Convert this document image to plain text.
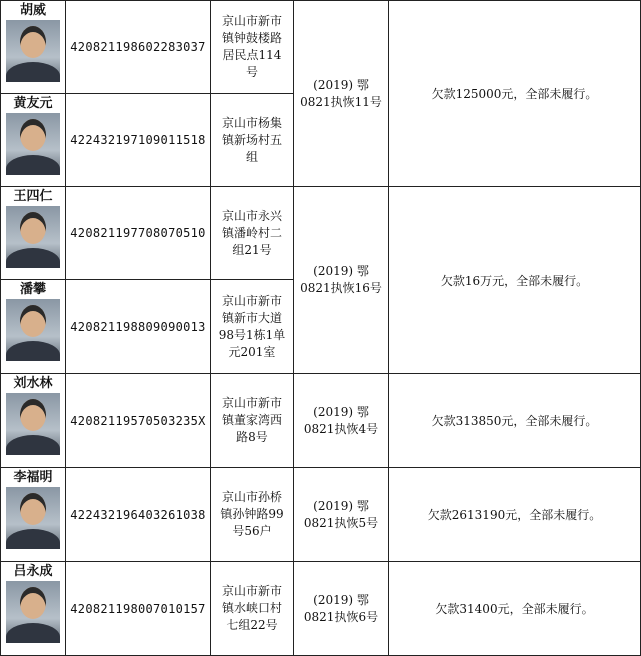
胡威
420821198602283037
京山市新市
镇钟鼓楼路
居民点114
号
黄友元
422432197109011518
京山市杨集
镇新场村五
组
(2019) 鄂
0821执恢11号
欠款125000元，全部未履行。
王四仁
420821197708070510
京山市永兴
镇潘岭村二
组21号
潘攀
420821198809090013
京山市新市
镇新市大道
98号1栋1单
元201室
(2019) 鄂
0821执恢16号
欠款16万元，全部未履行。
刘水林
42082119570503235X
京山市新市
镇董家湾西
路8号
(2019) 鄂
0821执恢4号
欠款313850元，全部未履行。
李福明
422432196403261038
京山市孙桥
镇孙钟路99
号56户
(2019) 鄂
0821执恢5号
欠款2613190元，全部未履行。
吕永成
420821198007010157
京山市新市
镇水峡口村
七组22号
(2019) 鄂
0821执恢6号
欠款31400元，全部未履行。
